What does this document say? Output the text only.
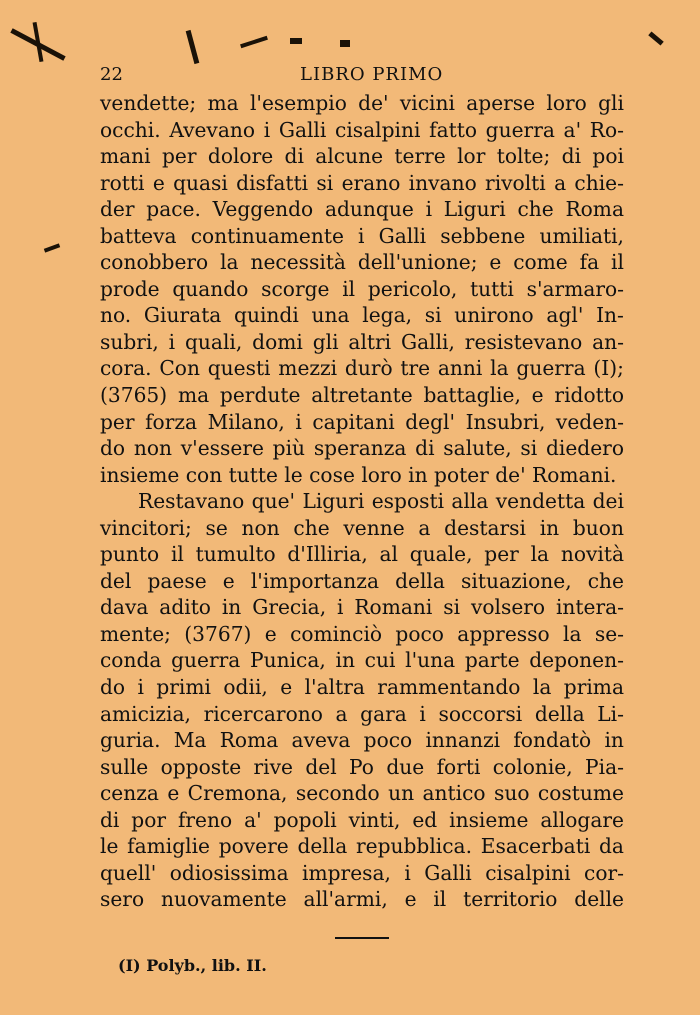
22	LIBRO PRIMO
vendette; ma l'esempio de' vicini aperse loro gli
occhi. Avevano i Galli cisalpini fatto guerra a' Ro-
mani per dolore di alcune terre lor tolte; di poi
rotti e quasi disfatti si erano invano rivolti a chie-
der pace. Veggendo adunque i Liguri che Roma
batteva continuamente i Galli sebbene umiliati,
conobbero la necessità dell'unione; e come fa il
prode quando scorge il pericolo, tutti s'armaro-
no. Giurata quindi una lega, si unirono agl' In-
subri, i quali, domi gli altri Galli, resistevano an-
cora. Con questi mezzi durò tre anni la guerra (I);
(3765) ma perdute altretante battaglie, e ridotto
per forza Milano, i capitani degl' Insubri, veden-
do non v'essere più speranza di salute, si diedero
insieme con tutte le cose loro in poter de' Romani.
Restavano que' Liguri esposti alla vendetta dei
vincitori; se non che venne a destarsi in buon
punto il tumulto d'Illiria, al quale, per la novità
del paese e l'importanza della situazione, che
dava adito in Grecia, i Romani si volsero intera-
mente; (3767) e cominciò poco appresso la se-
conda guerra Punica, in cui l'una parte deponen-
do i primi odii, e l'altra rammentando la prima
amicizia, ricercarono a gara i soccorsi della Li-
guria. Ma Roma aveva poco innanzi fondatò in
sulle opposte rive del Po due forti colonie, Pia-
cenza e Cremona, secondo un antico suo costume
di por freno a' popoli vinti, ed insieme allogare
le famiglie povere della repubblica. Esacerbati da
quell' odiosissima impresa, i Galli cisalpini cor-
sero nuovamente all'armi, e il territorio delle
(I) Polyb., lib. II.
